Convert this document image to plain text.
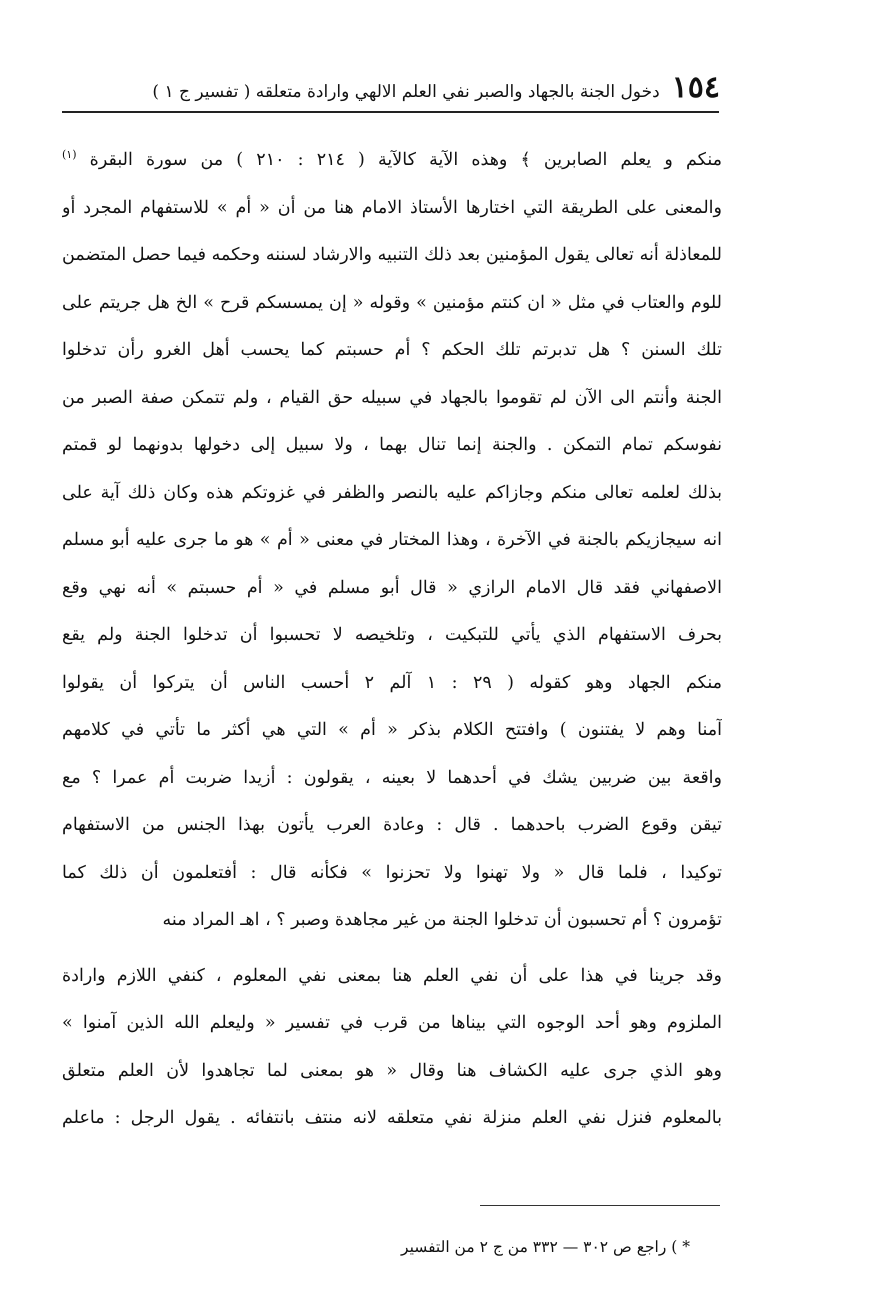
١٥٤
دخول الجنة بالجهاد والصبر نفي العلم الالهي وارادة متعلقه ( تفسير ج ١ )
منكم و يعلم الصابرين ﴾ وهذه الآية كالآية ( ٢١٤ : ٢١٠ ) من سورة البقرة $^{(١)}$
والمعنى على الطريقة التي اختارها الأستاذ الامام هنا من أن « أم » للاستفهام المجرد أو
للمعاذلة أنه تعالى يقول المؤمنين بعد ذلك التنبيه والارشاد لسننه وحكمه فيما حصل المتضمن
للوم والعتاب في مثل « ان كنتم مؤمنين » وقوله « إن يمسسكم قرح » الخ هل جريتم على
تلك السنن ؟ هل تدبرتم تلك الحكم ؟ أم حسبتم كما يحسب أهل الغرو رأن تدخلوا
الجنة وأنتم الى الآن لم تقوموا بالجهاد في سبيله حق القيام ، ولم تتمكن صفة الصبر من
نفوسكم تمام التمكن . والجنة إنما تنال بهما ، ولا سبيل إلى دخولها بدونهما لو قمتم
بذلك لعلمه تعالى منكم وجازاكم عليه بالنصر والظفر في غزوتكم هذه وكان ذلك آية على
انه سيجازيكم بالجنة في الآخرة ، وهذا المختار في معنى « أم » هو ما جرى عليه أبو مسلم
الاصفهاني فقد قال الامام الرازي « قال أبو مسلم في « أم حسبتم » أنه نهي وقع
بحرف الاستفهام الذي يأتي للتبكيت ، وتلخيصه لا تحسبوا أن تدخلوا الجنة ولم يقع
منكم الجهاد وهو كقوله ( ٢٩ : ١ آلم ٢ أحسب الناس أن يتركوا أن يقولوا
آمنا وهم لا يفتنون ) وافتتح الكلام بذكر « أم » التي هي أكثر ما تأتي في كلامهم
واقعة بين ضربين يشك في أحدهما لا بعينه ، يقولون : أزيدا ضربت أم عمرا ؟ مع
تيقن وقوع الضرب باحدهما . قال : وعادة العرب يأتون بهذا الجنس من الاستفهام
توكيدا ، فلما قال « ولا تهنوا ولا تحزنوا » فكأنه قال : أفتعلمون أن ذلك كما
تؤمرون ؟ أم تحسبون أن تدخلوا الجنة من غير مجاهدة وصبر ؟ ، اهـ المراد منه
وقد جرينا في هذا على أن نفي العلم هنا بمعنى نفي المعلوم ، كنفي اللازم وارادة
الملزوم وهو أحد الوجوه التي بيناها من قرب في تفسير « وليعلم الله الذين آمنوا »
وهو الذي جرى عليه الكشاف هنا وقال « هو بمعنى لما تجاهدوا لأن العلم متعلق
بالمعلوم فنزل نفي العلم منزلة نفي متعلقه لانه منتف بانتفائه . يقول الرجل : ماعلم
* ) راجع ص ٣٠٢ — ٣٣٢ من ج ٢ من التفسير
